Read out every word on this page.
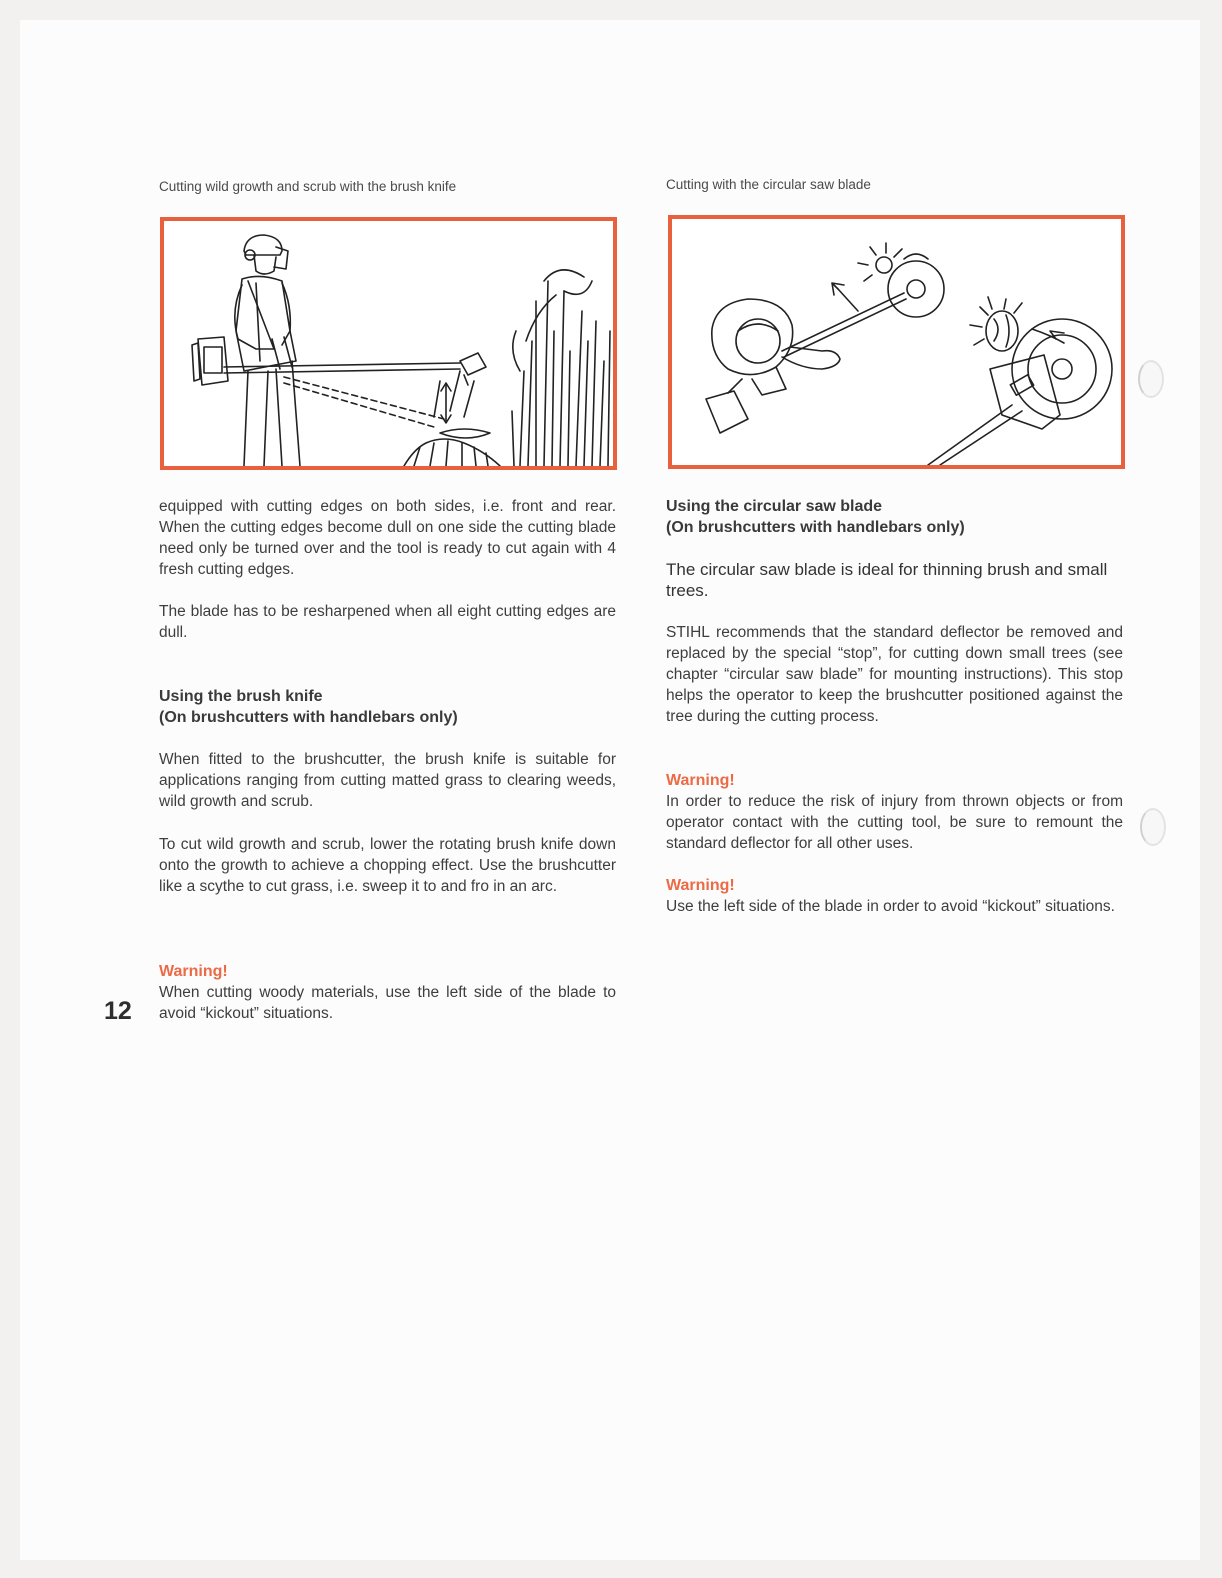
Cutting wild growth and scrub with the brush knife

equipped with cutting edges on both sides, i.e. front and rear. When the cutting edges become dull on one side the cutting blade need only be turned over and the tool is ready to cut again with 4 fresh cutting edges.

The blade has to be resharpened when all eight cutting edges are dull.

Using the brush knife
(On brushcutters with handlebars only)

When fitted to the brushcutter, the brush knife is suitable for applications ranging from cutting matted grass to clearing weeds, wild growth and scrub.

To cut wild growth and scrub, lower the rotating brush knife down onto the growth to achieve a chopping effect. Use the brushcutter like a scythe to cut grass, i.e. sweep it to and fro in an arc.

Warning!

When cutting woody materials, use the left side of the blade to avoid “kickout” situations.

12
Cutting with the circular saw blade
Using the circular saw blade
(On brushcutters with handlebars only)

The circular saw blade is ideal for thinning brush and small trees.

STIHL recommends that the standard deflector be removed and replaced by the special “stop”, for cutting down small trees (see chapter “circular saw blade” for mounting instructions). This stop helps the operator to keep the brushcutter positioned against the tree during the cutting process.

Warning!

In order to reduce the risk of injury from thrown objects or from operator contact with the cutting tool, be sure to remount the standard deflector for all other uses.

Warning!

Use the left side of the blade in order to avoid “kickout” situations.
